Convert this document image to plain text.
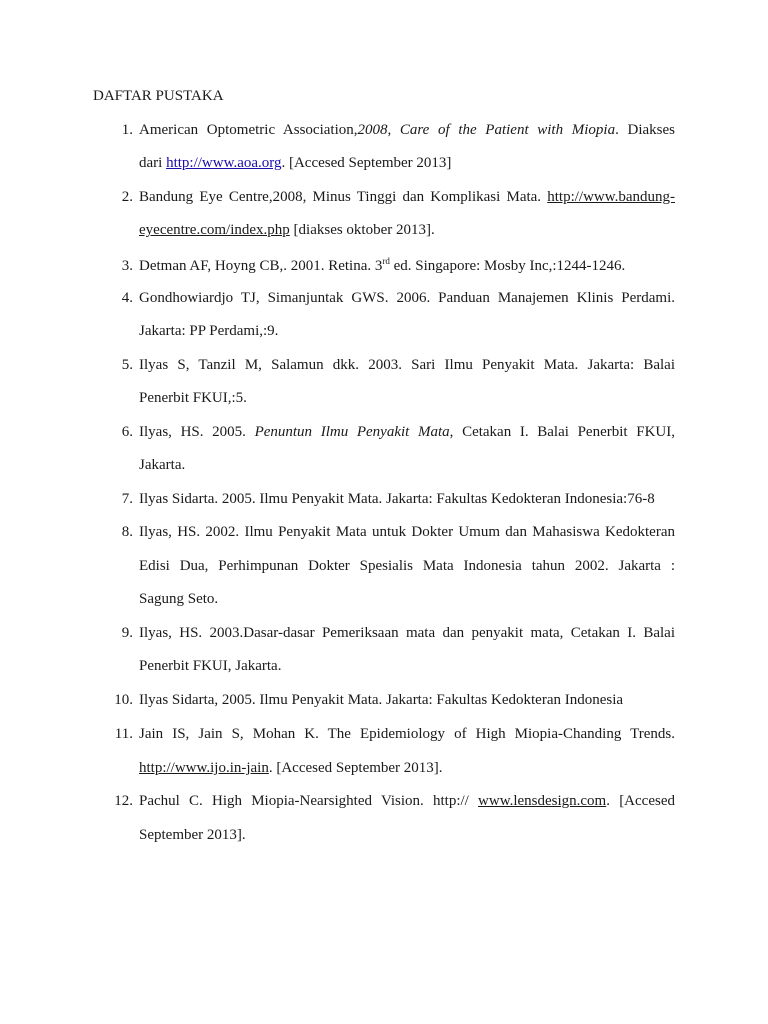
DAFTAR PUSTAKA
1. American Optometric Association,2008, Care of the Patient with Miopia. Diakses
dari http://www.aoa.org. [Accesed September 2013]
2. Bandung Eye Centre,2008, Minus Tinggi dan Komplikasi Mata. http://www.bandung-
eyecentre.com/index.php [diakses oktober 2013].
3. Detman AF, Hoyng CB,. 2001. Retina. 3rd ed. Singapore: Mosby Inc,:1244-1246.
4. Gondhowiardjo TJ, Simanjuntak GWS. 2006. Panduan Manajemen Klinis Perdami.
Jakarta: PP Perdami,:9.
5. Ilyas S, Tanzil M, Salamun dkk. 2003. Sari Ilmu Penyakit Mata. Jakarta: Balai
Penerbit FKUI,:5.
6. Ilyas, HS. 2005. Penuntun Ilmu Penyakit Mata, Cetakan I. Balai Penerbit FKUI,
Jakarta.
7. Ilyas Sidarta. 2005. Ilmu Penyakit Mata. Jakarta: Fakultas Kedokteran Indonesia:76-8
8. Ilyas, HS. 2002. Ilmu Penyakit Mata untuk Dokter Umum dan Mahasiswa Kedokteran
Edisi Dua, Perhimpunan Dokter Spesialis Mata Indonesia tahun 2002. Jakarta :
Sagung Seto.
9. Ilyas, HS. 2003.Dasar-dasar Pemeriksaan mata dan penyakit mata, Cetakan I. Balai
Penerbit FKUI, Jakarta.
10. Ilyas Sidarta, 2005. Ilmu Penyakit Mata. Jakarta: Fakultas Kedokteran Indonesia
11. Jain IS, Jain S, Mohan K. The Epidemiology of High Miopia-Chanding Trends.
http://www.ijo.in-jain. [Accesed September 2013].
12. Pachul C. High Miopia-Nearsighted Vision. http:// www.lensdesign.com. [Accesed
September 2013].
